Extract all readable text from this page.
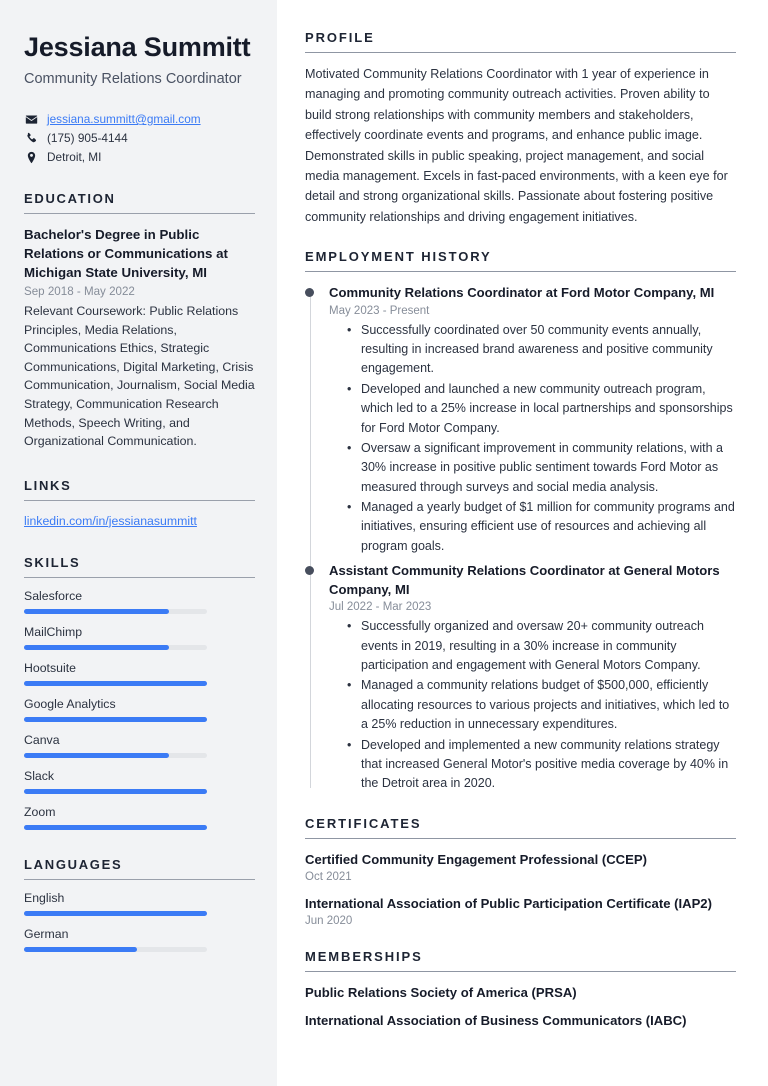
Jessiana Summitt
Community Relations Coordinator
jessiana.summitt@gmail.com
(175) 905-4144
Detroit, MI
EDUCATION
Bachelor's Degree in Public Relations or Communications at Michigan State University, MI
Sep 2018 - May 2022
Relevant Coursework: Public Relations Principles, Media Relations, Communications Ethics, Strategic Communications, Digital Marketing, Crisis Communication, Journalism, Social Media Strategy, Communication Research Methods, Speech Writing, and Organizational Communication.
LINKS
linkedin.com/in/jessianasummitt
SKILLS
Salesforce
MailChimp
Hootsuite
Google Analytics
Canva
Slack
Zoom
LANGUAGES
English
German
PROFILE

Motivated Community Relations Coordinator with 1 year of experience in managing and promoting community outreach activities. Proven ability to build strong relationships with community members and stakeholders, effectively coordinate events and programs, and enhance public image. Demonstrated skills in public speaking, project management, and social media management. Excels in fast-paced environments, with a keen eye for detail and strong organizational skills. Passionate about fostering positive community relationships and driving engagement initiatives.

EMPLOYMENT HISTORY
Community Relations Coordinator at Ford Motor Company, MI
May 2023 - Present
• Successfully coordinated over 50 community events annually, resulting in increased brand awareness and positive community engagement.
• Developed and launched a new community outreach program, which led to a 25% increase in local partnerships and sponsorships for Ford Motor Company.
• Oversaw a significant improvement in community relations, with a 30% increase in positive public sentiment towards Ford Motor as measured through surveys and social media analysis.
• Managed a yearly budget of $1 million for community programs and initiatives, ensuring efficient use of resources and achieving all program goals.
Assistant Community Relations Coordinator at General Motors Company, MI
Jul 2022 - Mar 2023
• Successfully organized and oversaw 20+ community outreach events in 2019, resulting in a 30% increase in community participation and engagement with General Motors Company.
• Managed a community relations budget of $500,000, efficiently allocating resources to various projects and initiatives, which led to a 25% reduction in unnecessary expenditures.
• Developed and implemented a new community relations strategy that increased General Motor's positive media coverage by 40% in the Detroit area in 2020.
CERTIFICATES
Certified Community Engagement Professional (CCEP)
Oct 2021
International Association of Public Participation Certificate (IAP2)
Jun 2020
MEMBERSHIPS
Public Relations Society of America (PRSA)
International Association of Business Communicators (IABC)
